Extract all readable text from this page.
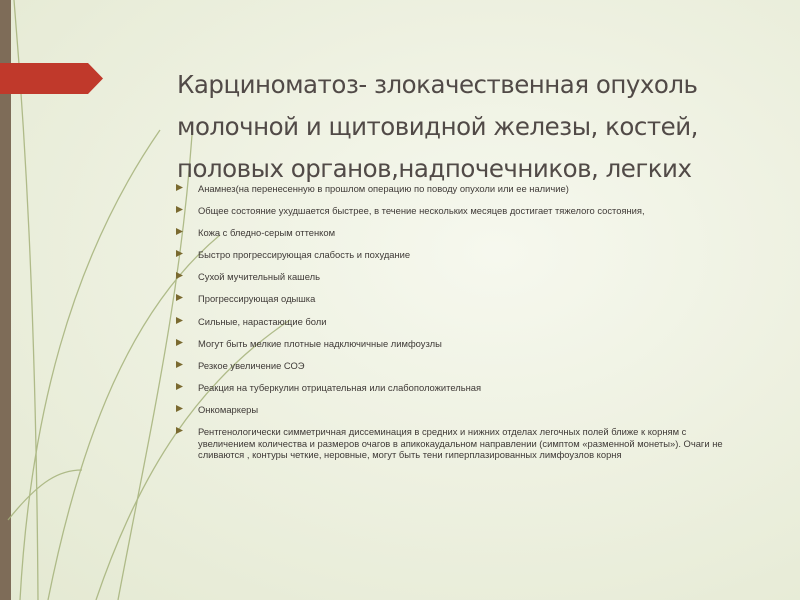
Карциноматоз- злокачественная опухоль молочной и щитовидной железы, костей, половых органов,надпочечников, легких
Анамнез(на перенесенную в прошлом операцию по поводу опухоли или ее наличие)
Общее состояние ухудшается быстрее, в течение нескольких месяцев достигает тяжелого состояния,
Кожа с бледно-серым оттенком
Быстро прогрессирующая слабость и похудание
Сухой мучительный кашель
Прогрессирующая одышка
Сильные, нарастающие боли
Могут быть мелкие плотные надключичные лимфоузлы
Резкое увеличение СОЭ
Реакция на туберкулин отрицательная или слабоположительная
Онкомаркеры
Рентгенологически симметричная диссеминация в средних и нижних отделах легочных полей ближе к корням с увеличением количества и размеров очагов в апикокаудальном направлении (симптом «разменной монеты»). Очаги не сливаются , контуры четкие, неровные, могут быть тени гиперплазированных лимфоузлов корня
